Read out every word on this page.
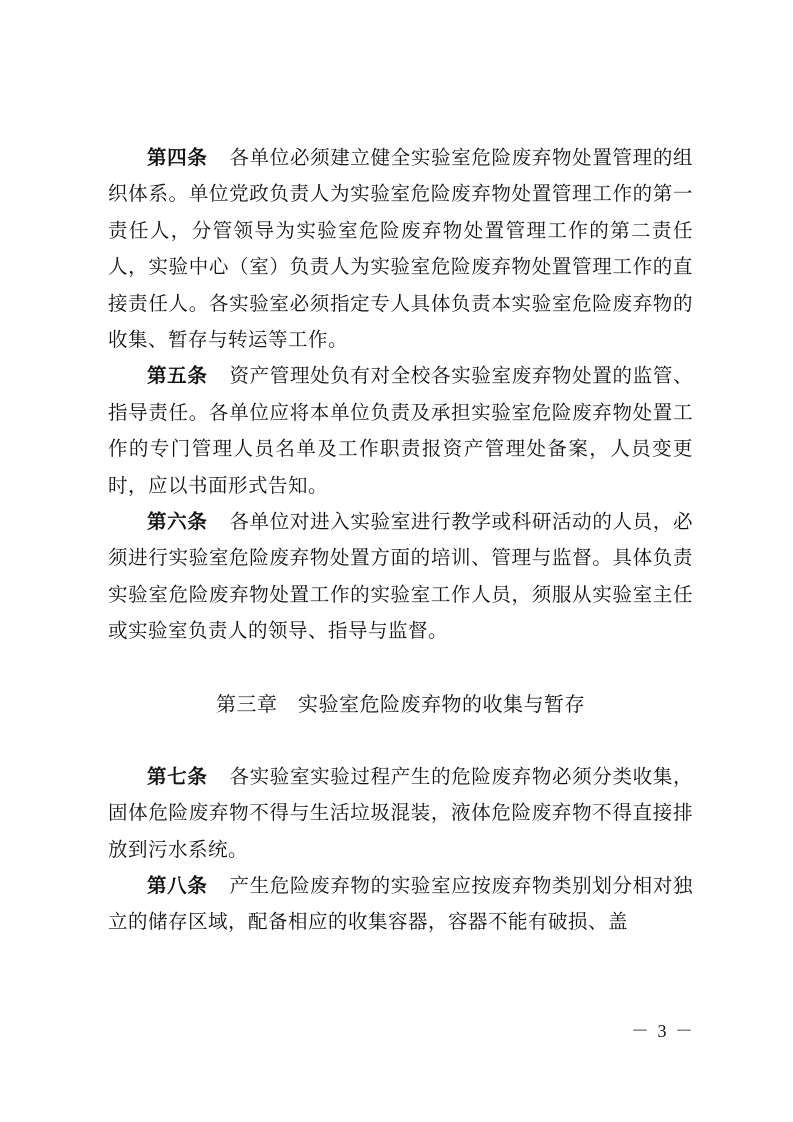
第四条 各单位必须建立健全实验室危险废弃物处置管理的组织体系。单位党政负责人为实验室危险废弃物处置管理工作的第一责任人，分管领导为实验室危险废弃物处置管理工作的第二责任人，实验中心（室）负责人为实验室危险废弃物处置管理工作的直接责任人。各实验室必须指定专人具体负责本实验室危险废弃物的收集、暂存与转运等工作。

第五条 资产管理处负有对全校各实验室废弃物处置的监管、指导责任。各单位应将本单位负责及承担实验室危险废弃物处置工作的专门管理人员名单及工作职责报资产管理处备案，人员变更时，应以书面形式告知。

第六条 各单位对进入实验室进行教学或科研活动的人员，必须进行实验室危险废弃物处置方面的培训、管理与监督。具体负责实验室危险废弃物处置工作的实验室工作人员，须服从实验室主任或实验室负责人的领导、指导与监督。

第三章　实验室危险废弃物的收集与暂存

第七条 各实验室实验过程产生的危险废弃物必须分类收集，固体危险废弃物不得与生活垃圾混装，液体危险废弃物不得直接排放到污水系统。

第八条 产生危险废弃物的实验室应按废弃物类别划分相对独立的储存区域，配备相应的收集容器，容器不能有破损、盖

－ 3 －
